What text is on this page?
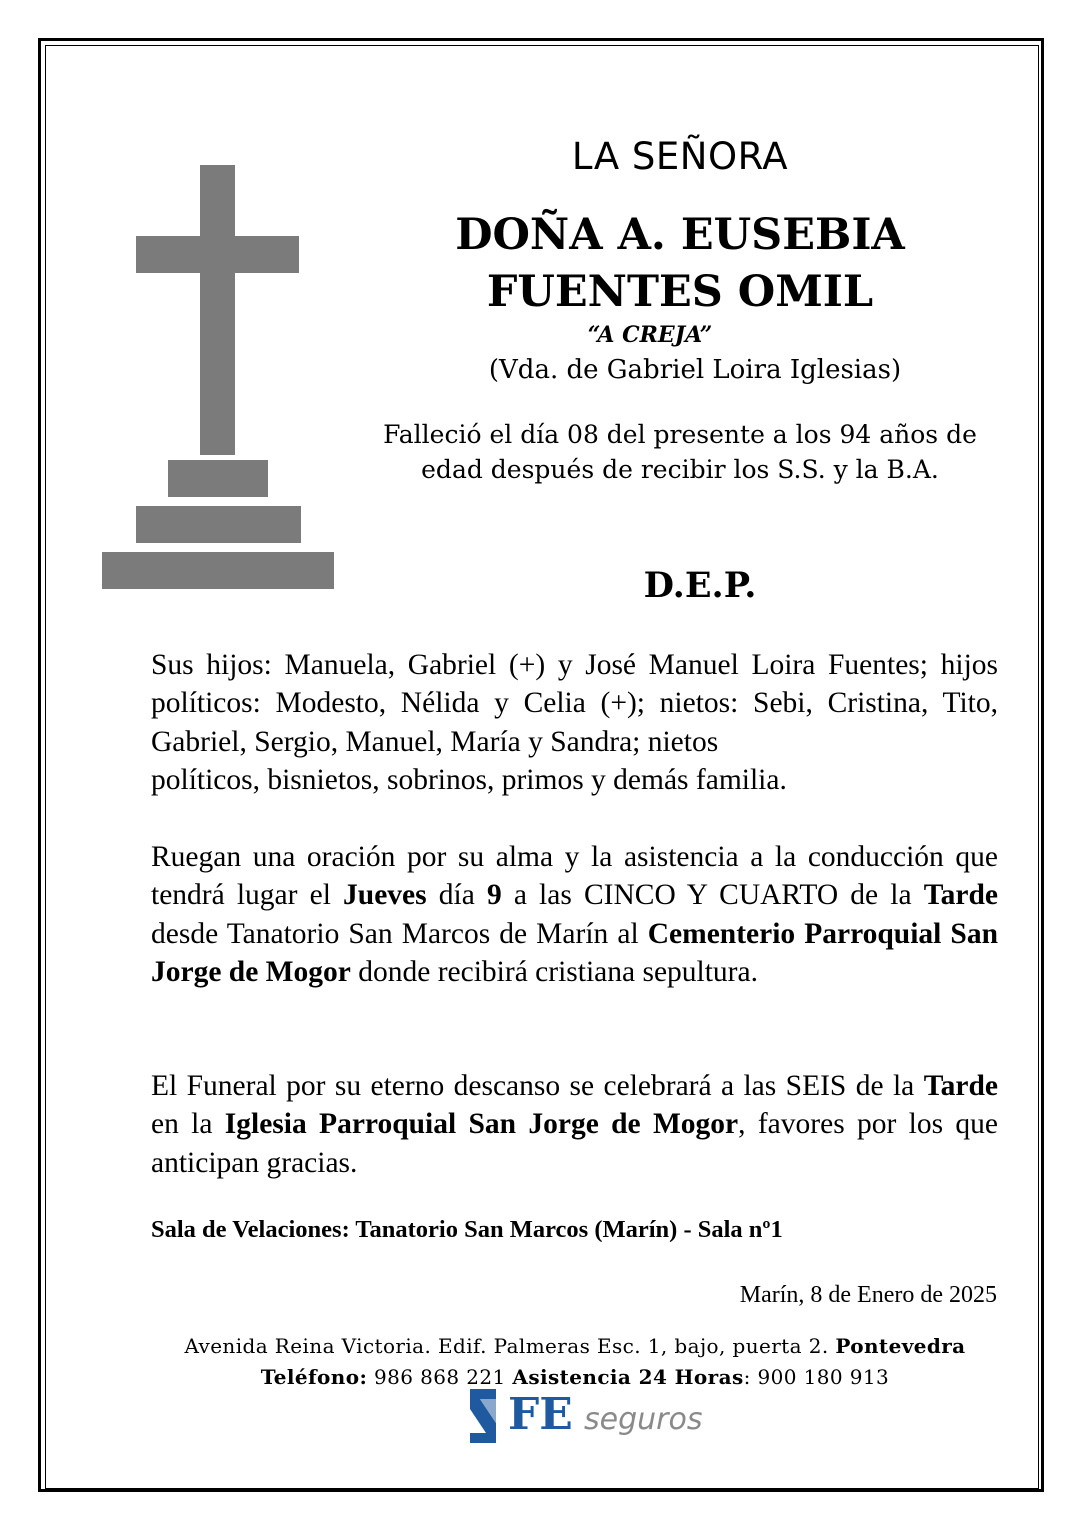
LA SEÑORA
DOÑA A. EUSEBIA
FUENTES OMIL
“A CREJA”
(Vda. de Gabriel Loira Iglesias)
Falleció el día 08 del presente a los 94 años de
edad después de recibir los S.S. y la B.A.
D.E.P.
Sus hijos: Manuela, Gabriel (+) y José Manuel Loira Fuentes; hijos políticos: Modesto, Nélida y Celia (+); nietos: Sebi, Cristina, Tito, Gabriel, Sergio, Manuel, María y Sandra; nietos
políticos, bisnietos, sobrinos, primos y demás familia.
Ruegan una oración por su alma y la asistencia a la conducción que tendrá lugar el Jueves día 9 a las CINCO Y CUARTO de la Tarde desde Tanatorio San Marcos de Marín al Cementerio Parroquial San Jorge de Mogor donde recibirá cristiana sepultura.
El Funeral por su eterno descanso se celebrará a las SEIS de la Tarde en la Iglesia Parroquial San Jorge de Mogor, favores por los que anticipan gracias.
Sala de Velaciones: Tanatorio San Marcos (Marín) - Sala nº1
Marín, 8 de Enero de 2025
Avenida Reina Victoria. Edif. Palmeras Esc. 1, bajo, puerta 2. Pontevedra
Teléfono: 986 868 221 Asistencia 24 Horas: 900 180 913
FE seguros
